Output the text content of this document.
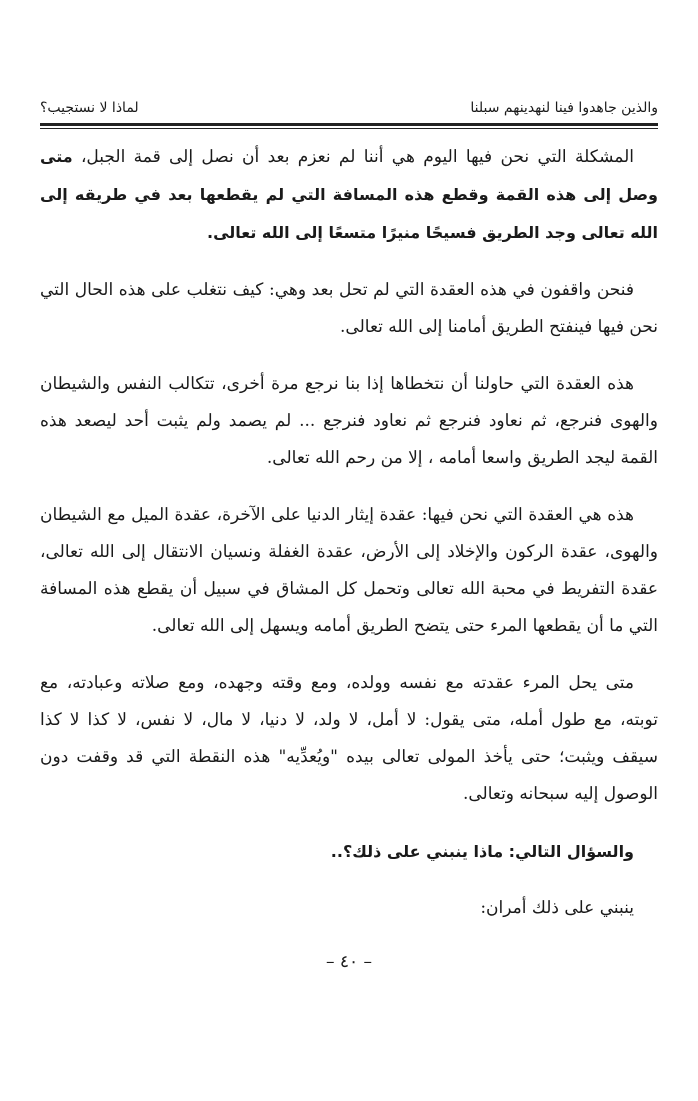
والذين جاهدوا فينا لنهدينهم سبلنا
لماذا لا نستجيب؟

المشكلة التي نحن فيها اليوم هي أننا لم نعزم بعد أن نصل إلى قمة الجبل، متى وصل إلى هذه القمة وقطع هذه المسافة التي لم يقطعها بعد في طريقه إلى الله تعالى وجد الطريق فسيحًا منيرًا متسعًا إلى الله تعالى.

فنحن واقفون في هذه العقدة التي لم تحل بعد وهي: كيف نتغلب على هذه الحال التي نحن فيها فينفتح الطريق أمامنا إلى الله تعالى.

هذه العقدة التي حاولنا أن نتخطاها إذا بنا نرجع مرة أخرى، تتكالب النفس والشيطان والهوى فنرجع، ثم نعاود فنرجع ثم نعاود فنرجع ... لم يصمد ولم يثبت أحد ليصعد هذه القمة ليجد الطريق واسعا أمامه ، إلا من رحم الله تعالى.

هذه هي العقدة التي نحن فيها: عقدة إيثار الدنيا على الآخرة، عقدة الميل مع الشيطان والهوى، عقدة الركون والإخلاد إلى الأرض، عقدة الغفلة ونسيان الانتقال إلى الله تعالى، عقدة التفريط في محبة الله تعالى وتحمل كل المشاق في سبيل أن يقطع هذه المسافة التي ما أن يقطعها المرء حتى يتضح الطريق أمامه ويسهل إلى الله تعالى.

متى يحل المرء عقدته مع نفسه وولده، ومع وقته وجهده، ومع صلاته وعبادته، مع توبته، مع طول أمله، متى يقول: لا أمل، لا ولد، لا دنيا، لا مال، لا نفس، لا كذا لا كذا سيقف ويثبت؛ حتى يأخذ المولى تعالى بيده "ويُعدِّيه" هذه النقطة التي قد وقفت دون الوصول إليه سبحانه وتعالى.

والسؤال التالي: ماذا ينبني على ذلك؟..

ينبني على ذلك أمران:

– ٤٠ –
